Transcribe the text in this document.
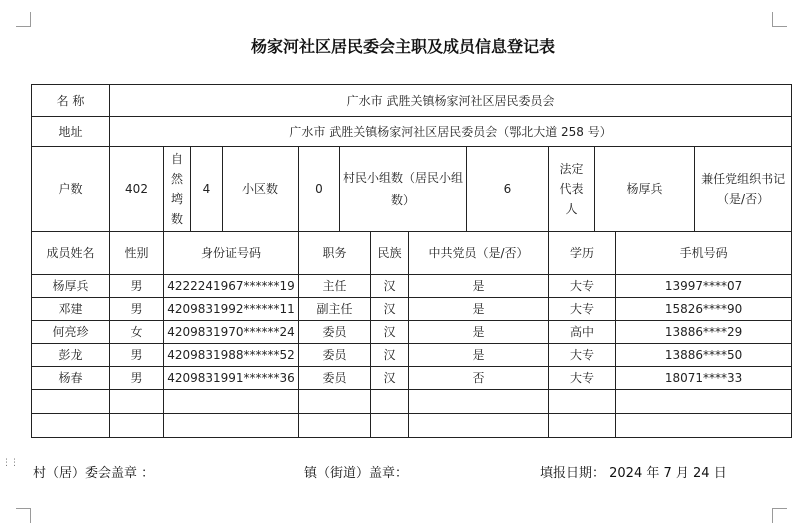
⋮⋮
杨家河社区居民委会主职及成员信息登记表
名 称	广水市 武胜关镇杨家河社区居民委员会													
地址	广水市 武胜关镇杨家河社区居民委员会（鄂北大道 258 号）													
户数	402	自然塆数	4	小区数	0	村民小组数（居民小组数）			6	法定代表人	杨厚兵		兼任党组织书记（是/否）	
成员姓名	性别	身份证号码			职务		民族	中共党员（是/否）		学历		手机号码		
杨厚兵	男	4222241967******19			主任		汉	是		大专		13997****07		
邓建	男	4209831992******11			副主任		汉	是		大专		15826****90		
何亮珍	女	4209831970******24			委员		汉	是		高中		13886****29		
彭龙	男	4209831988******52			委员		汉	是		大专		13886****50		
杨春	男	4209831991******36			委员		汉	否		大专		18071****33		

村（居）委会盖章 ：	镇（街道）盖章：	填报日期： 2024 年 7 月 24 日
